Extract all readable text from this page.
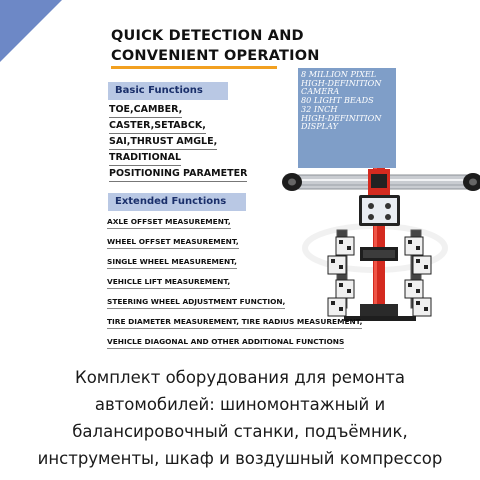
QUICK DETECTION AND
CONVENIENT OPERATION
Basic Functions
TOE,CAMBER,
CASTER,SETABCK,
SAI,THRUST AMGLE,
TRADITIONAL
POSITIONING PARAMETER
Extended Functions
AXLE OFFSET MEASUREMENT,
WHEEL OFFSET MEASUREMENT,
SINGLE WHEEL MEASUREMENT,
VEHICLE LIFT MEASUREMENT,
STEERING WHEEL ADJUSTMENT FUNCTION,
TIRE DIAMETER MEASUREMENT, TIRE RADIUS MEASUREMENT,
VEHICLE DIAGONAL AND OTHER ADDITIONAL FUNCTIONS
8 MILLION PIXEL
HIGH-DEFINITION
CAMERA
80 LIGHT BEADS
32 INCH
HIGH-DEFINITION
DISPLAY
Комплект оборудования для ремонта
автомобилей: шиномонтажный и
балансировочный станки, подъёмник,
инструменты, шкаф и воздушный компрессор
